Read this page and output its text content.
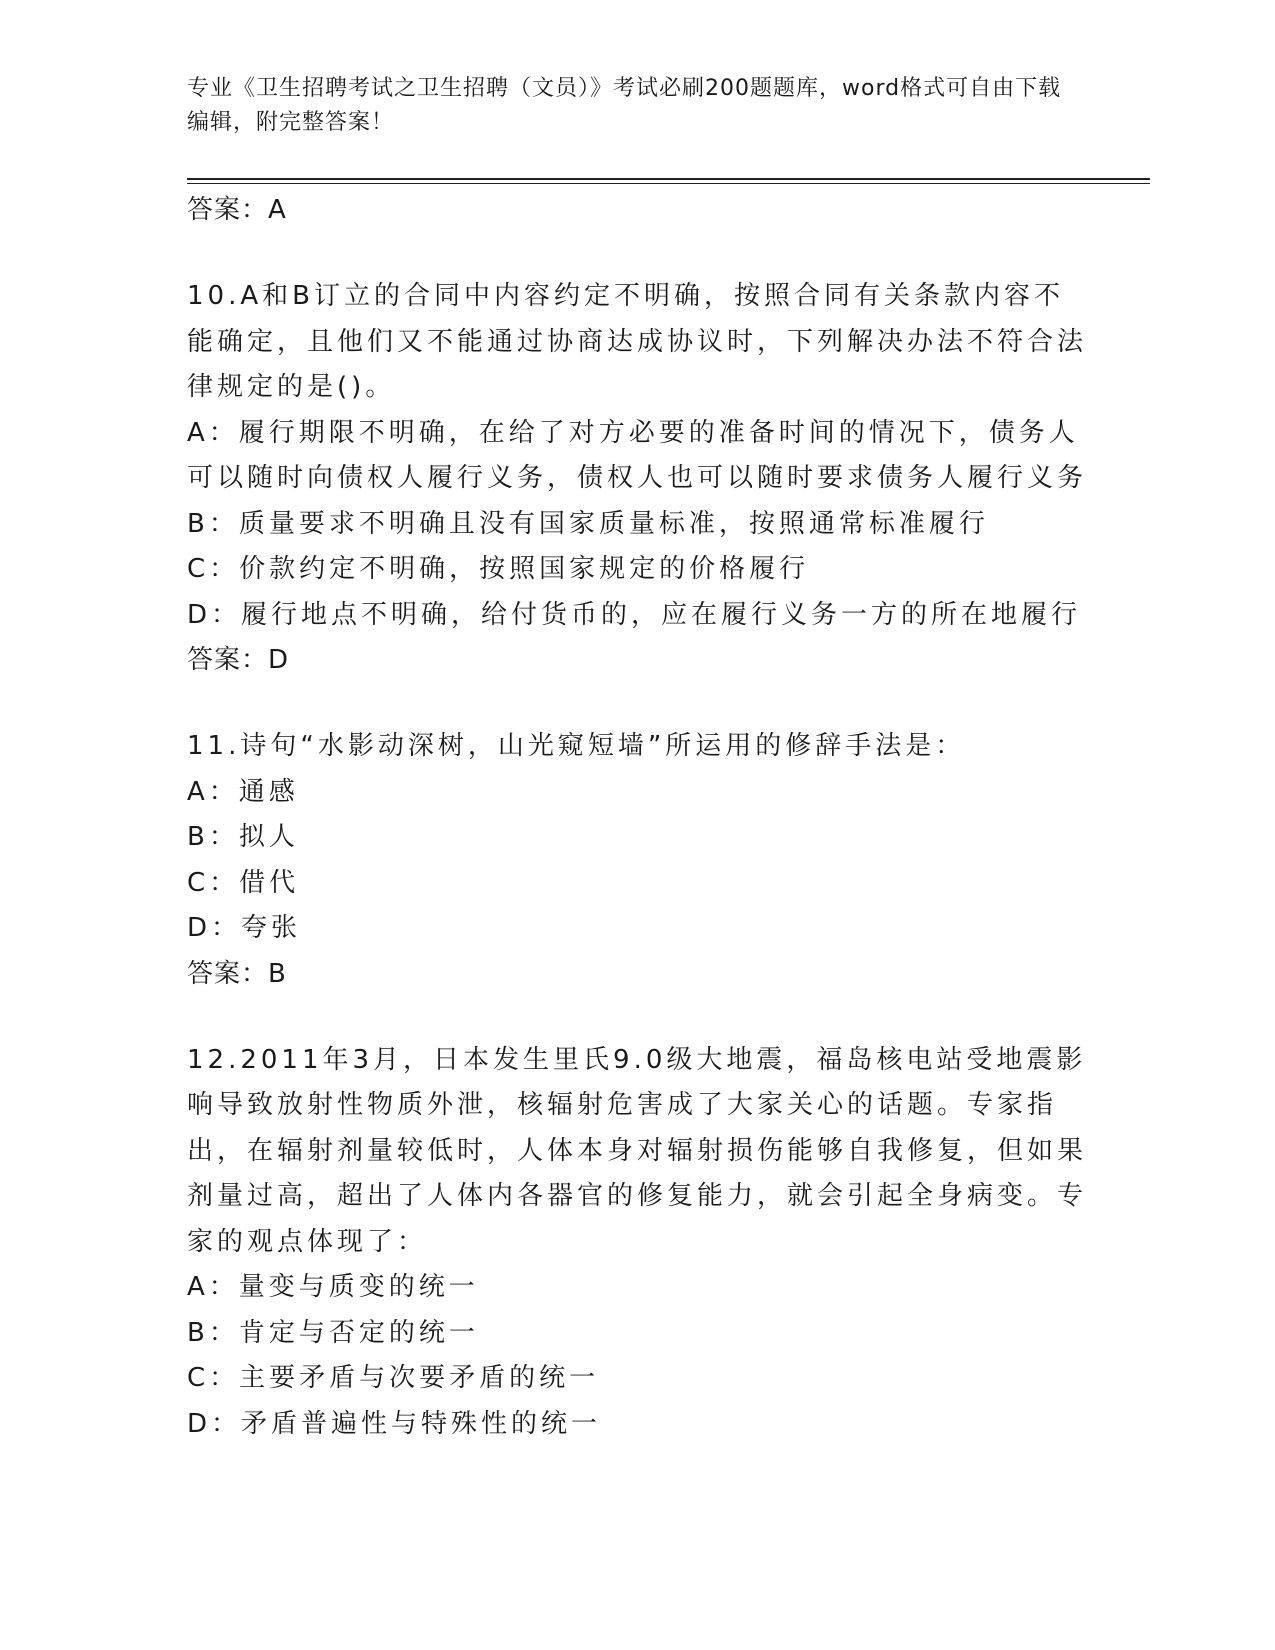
专业《卫生招聘考试之卫生招聘（文员）》考试必刷200题题库，word格式可自由下载编辑，附完整答案！
答案：A
10.A和B订立的合同中内容约定不明确，按照合同有关条款内容不能确定，且他们又不能通过协商达成协议时，下列解决办法不符合法律规定的是()。
A：履行期限不明确，在给了对方必要的准备时间的情况下，债务人可以随时向债权人履行义务，债权人也可以随时要求债务人履行义务
B：质量要求不明确且没有国家质量标准，按照通常标准履行
C：价款约定不明确，按照国家规定的价格履行
D：履行地点不明确，给付货币的，应在履行义务一方的所在地履行
答案：D
11.诗句“水影动深树，山光窥短墙”所运用的修辞手法是：
A：通感
B：拟人
C：借代
D：夸张
答案：B
12.2011年3月，日本发生里氏9.0级大地震，福岛核电站受地震影响导致放射性物质外泄，核辐射危害成了大家关心的话题。专家指出，在辐射剂量较低时，人体本身对辐射损伤能够自我修复，但如果剂量过高，超出了人体内各器官的修复能力，就会引起全身病变。专家的观点体现了：
A：量变与质变的统一
B：肯定与否定的统一
C：主要矛盾与次要矛盾的统一
D：矛盾普遍性与特殊性的统一
